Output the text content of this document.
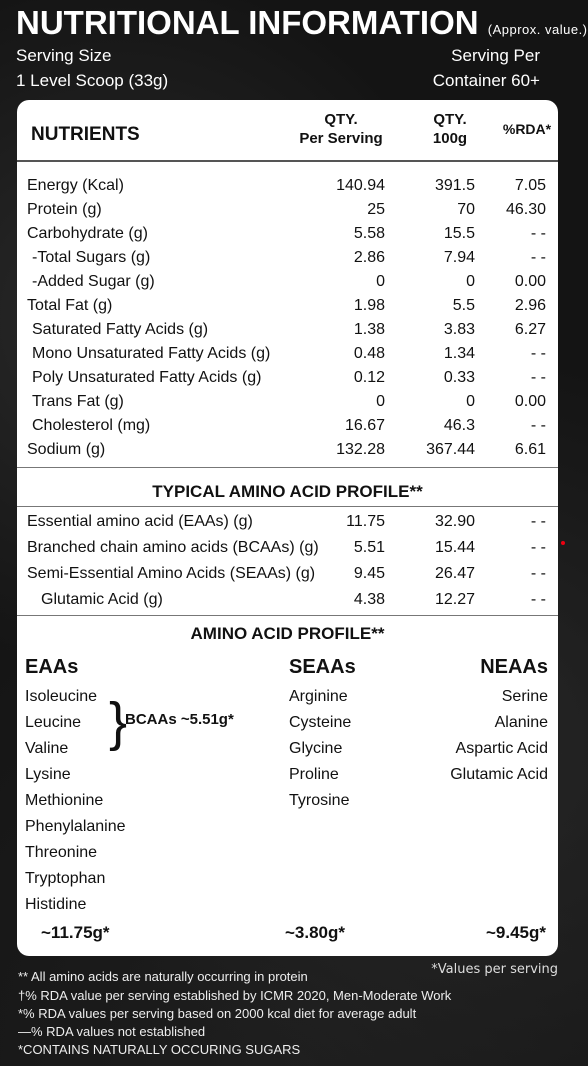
NUTRITIONAL INFORMATION (Approx. value.)
Serving Size
1 Level Scoop (33g)
Serving Per
Container 60+
NUTRIENTS
QTY.
Per Serving
QTY.
100g
%RDA*
Energy (Kcal)	140.94	391.5 7.05
Protein (g)	25	70 46.30
Carbohydrate (g)	5.58	15.5	- -
-Total Sugars (g)	2.86	7.94	- -
-Added Sugar (g)	0	0 0.00
Total Fat (g)	1.98	5.5 2.96
Saturated Fatty Acids (g)	1.38	3.83 6.27
Mono Unsaturated Fatty Acids (g)	0.48	1.34	- -
Poly Unsaturated Fatty Acids (g)	0.12	0.33	- -
Trans Fat (g)	0	0 0.00
Cholesterol (mg)	16.67	46.3	- -
Sodium (g)	132.28	367.44 6.61
TYPICAL AMINO ACID PROFILE**
Essential amino acid (EAAs) (g)	11.75	32.90	- -
Branched chain amino acids (BCAAs) (g) 5.51	15.44	- -
Semi-Essential Amino Acids (SEAAs) (g) 9.45	26.47	- -
Glutamic Acid (g)	4.38	12.27	- -
AMINO ACID PROFILE**
EAAs
Isoleucine
Leucine
Valine
Lysine
Methionine
Phenylalanine
Threonine
Tryptophan
Histidine
}
BCAAs ~5.51g*
SEAAs
Arginine
Cysteine
Glycine
Proline
Tyrosine
NEAAs
Serine
Alanine
Aspartic Acid
Glutamic Acid
~11.75g*	~3.80g*	~9.45g*
*Values per serving
** All amino acids are naturally occurring in protein
†% RDA value per serving established by ICMR 2020, Men-Moderate Work
*% RDA values per serving based on 2000 kcal diet for average adult
—% RDA values not established
*CONTAINS NATURALLY OCCURING SUGARS
